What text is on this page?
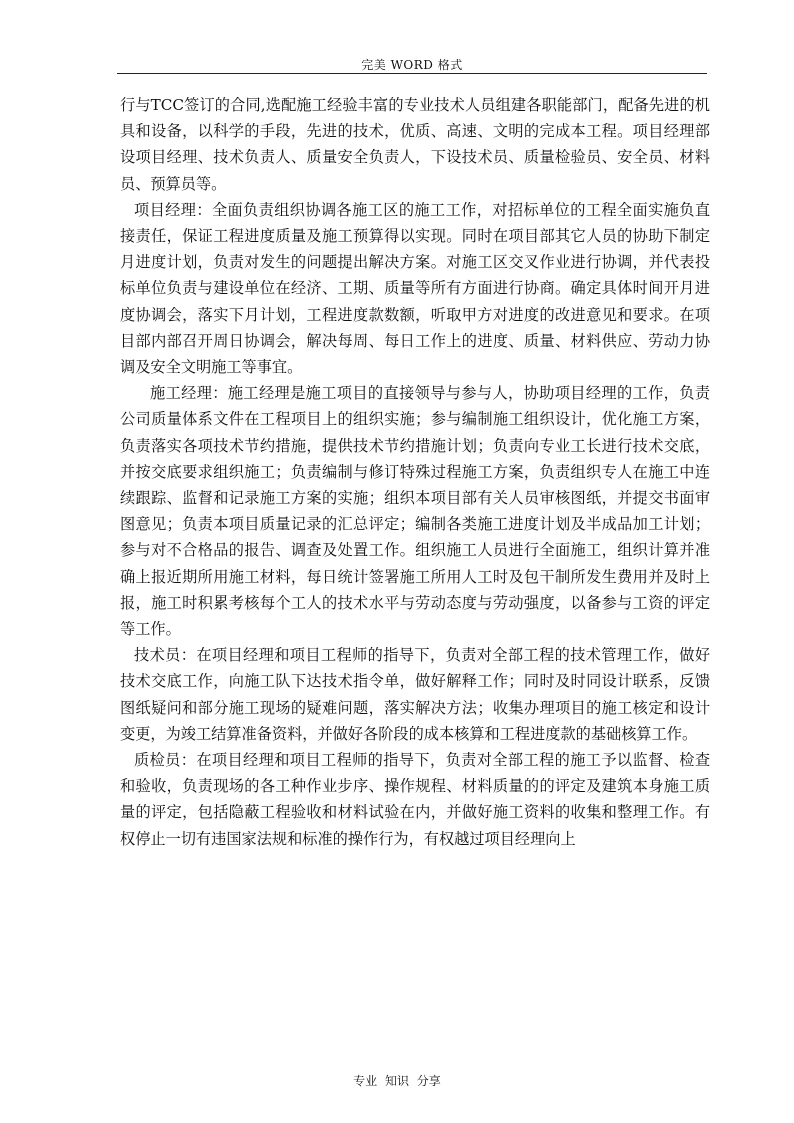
完美 WORD 格式

行与TCC签订的合同,选配施工经验丰富的专业技术人员组建各职能部门，配备先进的机具和设备，以科学的手段，先进的技术，优质、高速、文明的完成本工程。项目经理部设项目经理、技术负责人、质量安全负责人，下设技术员、质量检验员、安全员、材料员、预算员等。

项目经理：全面负责组织协调各施工区的施工工作，对招标单位的工程全面实施负直接责任，保证工程进度质量及施工预算得以实现。同时在项目部其它人员的协助下制定月进度计划，负责对发生的问题提出解决方案。对施工区交叉作业进行协调，并代表投标单位负责与建设单位在经济、工期、质量等所有方面进行协商。确定具体时间开月进度协调会，落实下月计划，工程进度款数额，听取甲方对进度的改进意见和要求。在项目部内部召开周日协调会，解决每周、每日工作上的进度、质量、材料供应、劳动力协调及安全文明施工等事宜。

施工经理：施工经理是施工项目的直接领导与参与人，协助项目经理的工作，负责公司质量体系文件在工程项目上的组织实施；参与编制施工组织设计，优化施工方案，负责落实各项技术节约措施，提供技术节约措施计划；负责向专业工长进行技术交底，并按交底要求组织施工；负责编制与修订特殊过程施工方案，负责组织专人在施工中连续跟踪、监督和记录施工方案的实施；组织本项目部有关人员审核图纸，并提交书面审图意见；负责本项目质量记录的汇总评定；编制各类施工进度计划及半成品加工计划；参与对不合格品的报告、调查及处置工作。组织施工人员进行全面施工，组织计算并准确上报近期所用施工材料，每日统计签署施工所用人工时及包干制所发生费用并及时上报，施工时积累考核每个工人的技术水平与劳动态度与劳动强度，以备参与工资的评定等工作。

技术员：在项目经理和项目工程师的指导下，负责对全部工程的技术管理工作，做好技术交底工作，向施工队下达技术指令单，做好解释工作；同时及时同设计联系，反馈图纸疑问和部分施工现场的疑难问题，落实解决方法；收集办理项目的施工核定和设计变更，为竣工结算准备资料，并做好各阶段的成本核算和工程进度款的基础核算工作。

质检员：在项目经理和项目工程师的指导下，负责对全部工程的施工予以监督、检查和验收，负责现场的各工种作业步序、操作规程、材料质量的的评定及建筑本身施工质量的评定，包括隐蔽工程验收和材料试验在内，并做好施工资料的收集和整理工作。有权停止一切有违国家法规和标准的操作行为，有权越过项目经理向上

专业 知识 分享
